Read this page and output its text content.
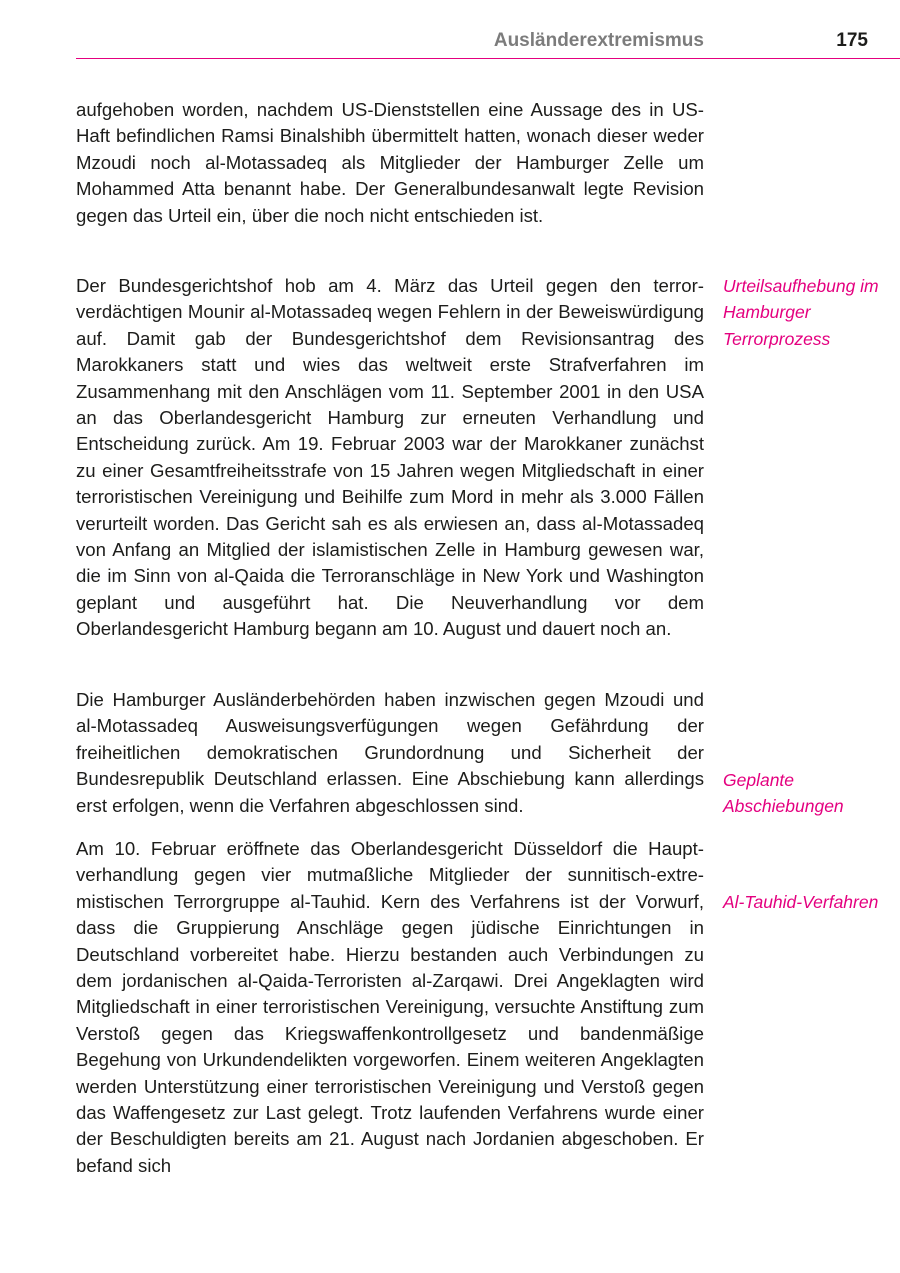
Ausländerextremismus	175

aufgehoben worden, nachdem US-Dienststellen eine Aussage des in US-Haft befindlichen Ramsi Binalshibh übermittelt hatten, wonach dieser weder Mzoudi noch al-Motassadeq als Mitglieder der Hamburger Zelle um Mohammed Atta benannt habe. Der Generalbundesanwalt legte Revision gegen das Urteil ein, über die noch nicht entschieden ist.

Der Bundesgerichtshof hob am 4. März das Urteil gegen den terrorverdächtigen Mounir al-Motassadeq wegen Fehlern in der Beweiswürdigung auf. Damit gab der Bundesgerichtshof dem Revisionsantrag des Marokkaners statt und wies das weltweit erste Strafverfahren im Zusammenhang mit den Anschlägen vom 11. September 2001 in den USA an das Oberlandesgericht Hamburg zur erneuten Verhandlung und Entscheidung zurück. Am 19. Februar 2003 war der Marokkaner zunächst zu einer Gesamtfreiheitsstrafe von 15 Jahren wegen Mitgliedschaft in einer terroristischen Vereinigung und Beihilfe zum Mord in mehr als 3.000 Fällen verurteilt worden. Das Gericht sah es als erwiesen an, dass al-Motassadeq von Anfang an Mitglied der islamistischen Zelle in Hamburg gewesen war, die im Sinn von al-Qaida die Terroranschläge in New York und Washington geplant und ausgeführt hat. Die Neuverhandlung vor dem Oberlandesgericht Hamburg begann am 10. August und dauert noch an.

Die Hamburger Ausländerbehörden haben inzwischen gegen Mzoudi und al-Motassadeq Ausweisungsverfügungen wegen Gefährdung der freiheitlichen demokratischen Grundordnung und Sicherheit der Bundesrepublik Deutschland erlassen. Eine Abschiebung kann allerdings erst erfolgen, wenn die Verfahren abgeschlossen sind.

Am 10. Februar eröffnete das Oberlandesgericht Düsseldorf die Hauptverhandlung gegen vier mutmaßliche Mitglieder der sunnitisch-extremistischen Terrorgruppe al-Tauhid. Kern des Verfahrens ist der Vorwurf, dass die Gruppierung Anschläge gegen jüdische Einrichtungen in Deutschland vorbereitet habe. Hierzu bestanden auch Verbindungen zu dem jordanischen al-Qaida-Terroristen al-Zarqawi. Drei Angeklagten wird Mitgliedschaft in einer terroristischen Vereinigung, versuchte Anstiftung zum Verstoß gegen das Kriegswaffenkontrollgesetz und bandenmäßige Begehung von Urkundendelikten vorgeworfen. Einem weiteren Angeklagten werden Unterstützung einer terroristischen Vereinigung und Verstoß gegen das Waffengesetz zur Last gelegt. Trotz laufenden Verfahrens wurde einer der Beschuldigten bereits am 21. August nach Jordanien abgeschoben. Er befand sich

Urteilsaufhebung im Hamburger Terrorprozess
Geplante Abschiebungen
Al-Tauhid-Verfahren
